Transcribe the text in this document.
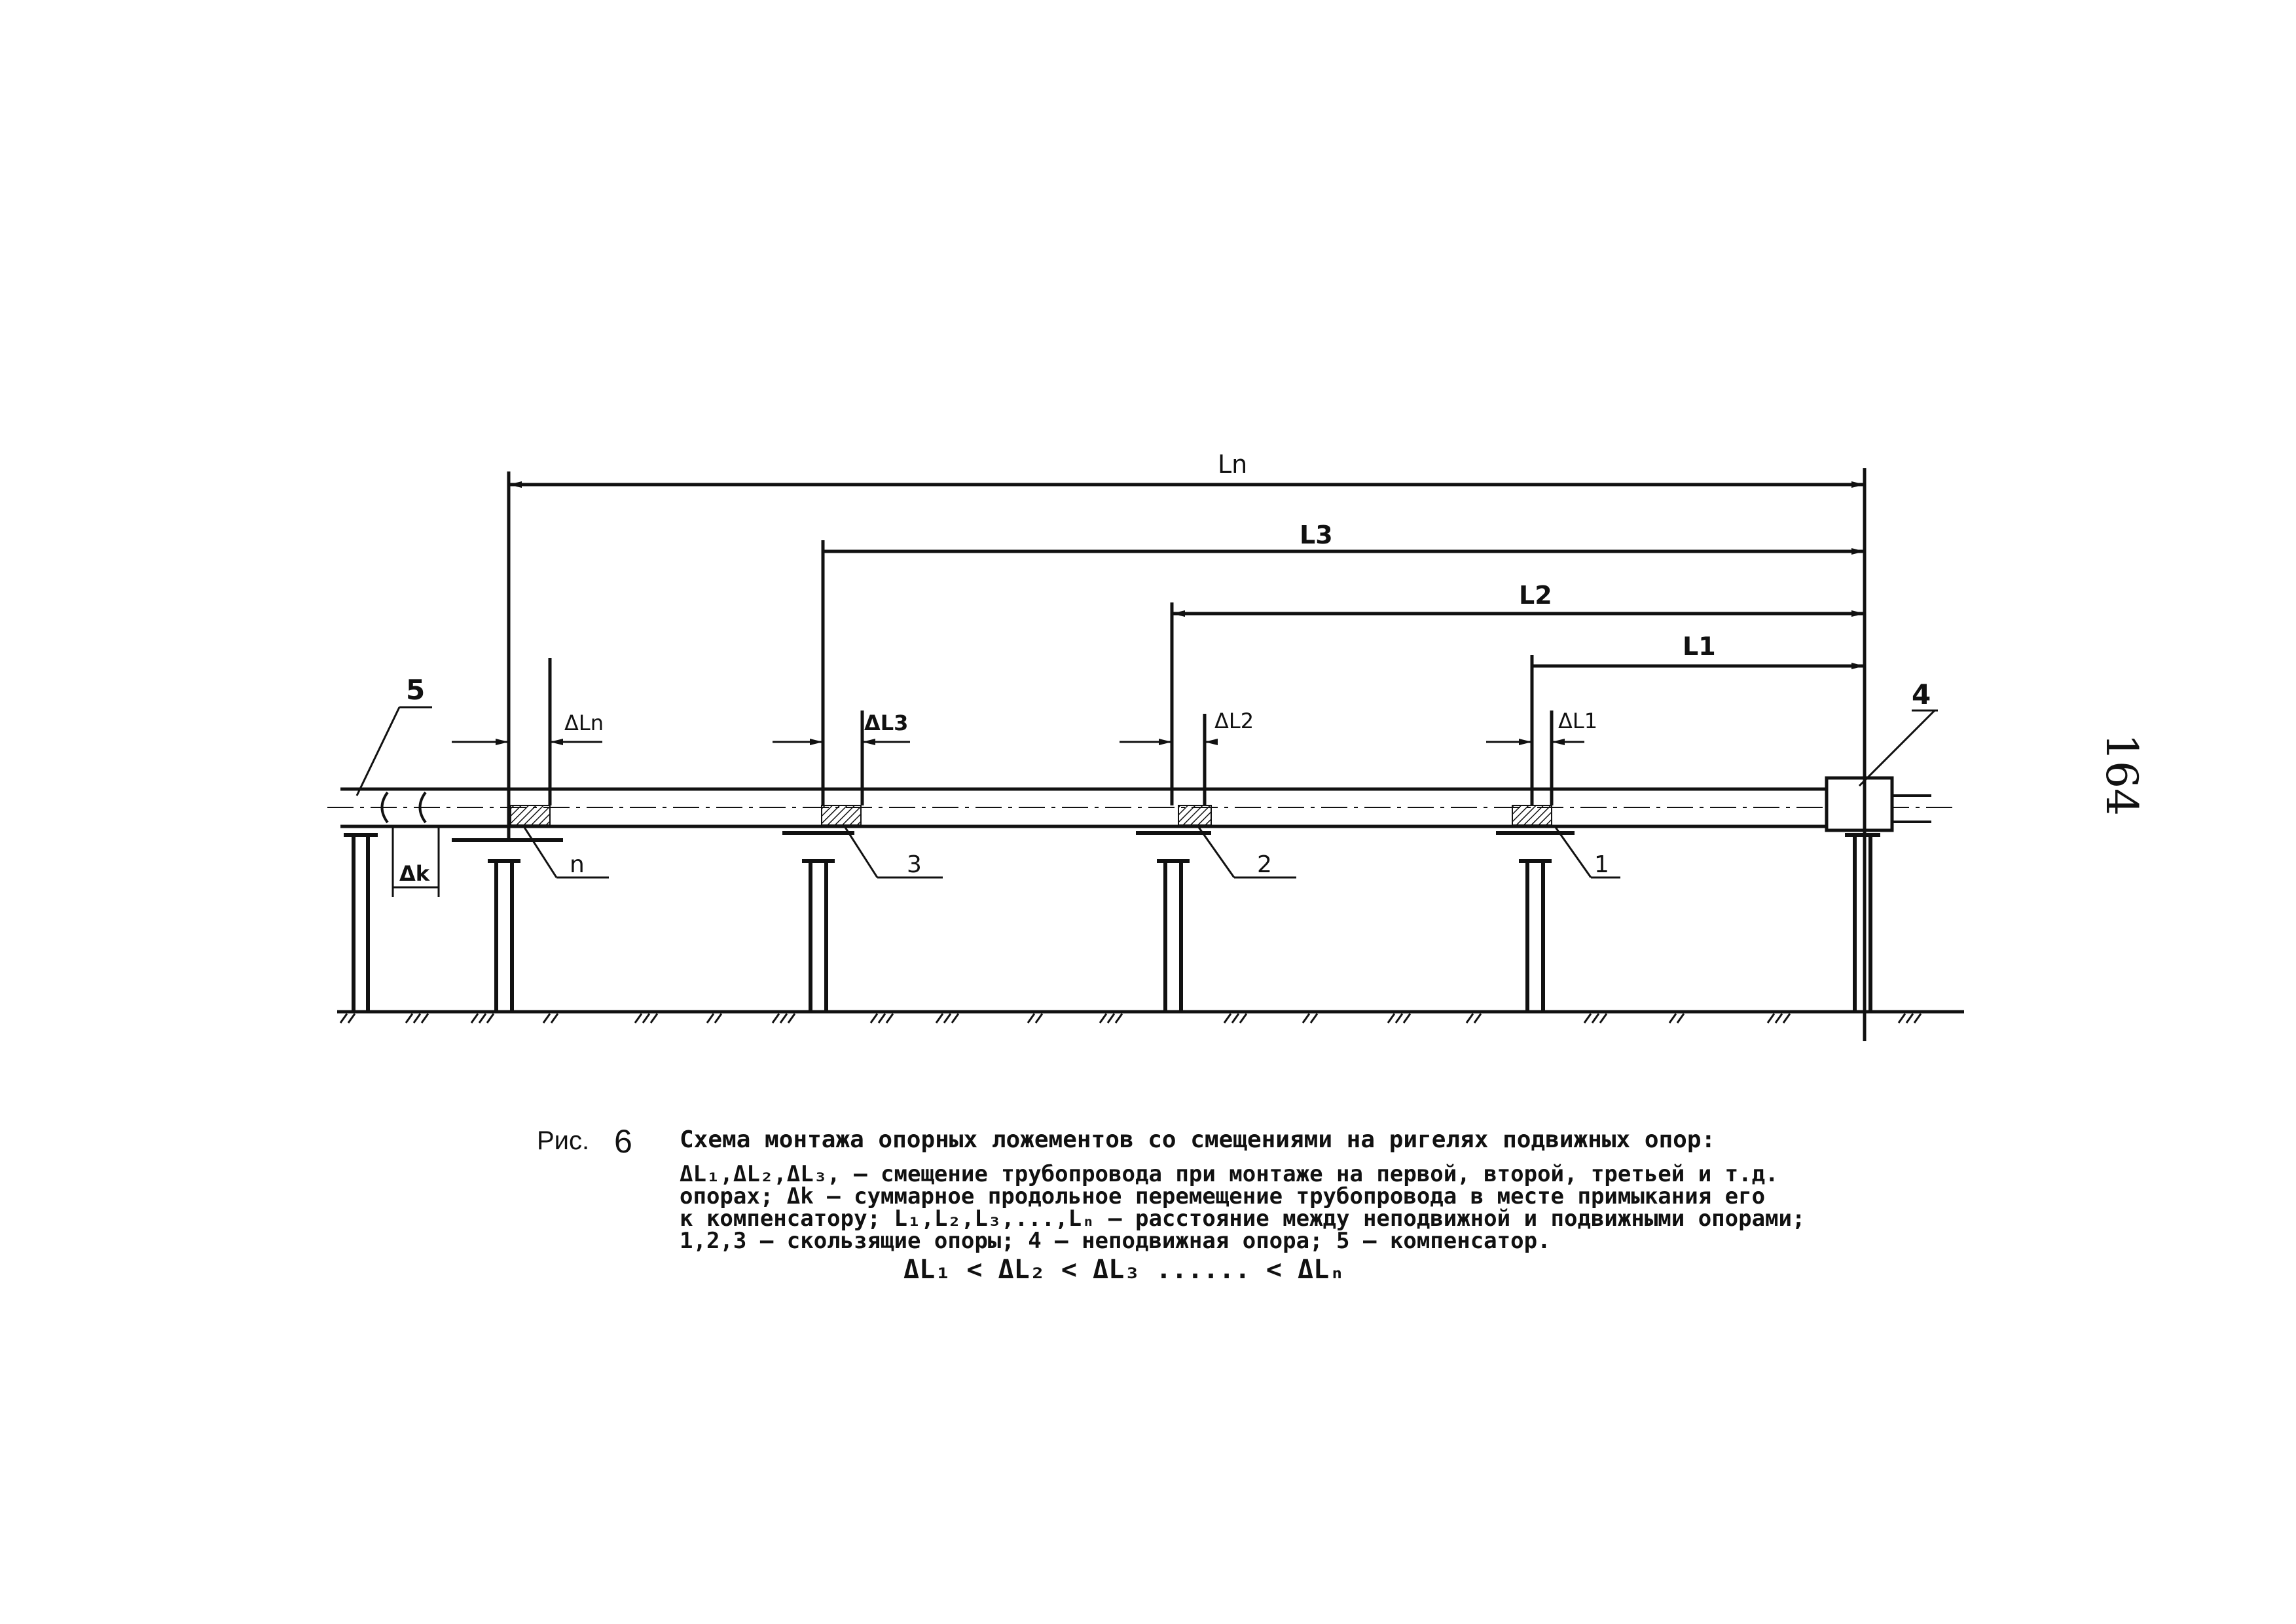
5
Δk
4
n	3	2	1
Ln
L3
L2
L1
ΔLn	ΔL3	ΔL2	ΔL1
164
Рис. 6 Схема монтажа опорных ложементов со смещениями на ригелях подвижных опор:
ΔL₁,ΔL₂,ΔL₃, – смещение трубопровода при монтаже на первой, второй, третьей и т.д.
опорах; Δk – суммарное продольное перемещение трубопровода в месте примыкания его
к компенсатору; L₁,L₂,L₃,...,Lₙ – расстояние между неподвижной и подвижными опорами;
1,2,3 — скользящие опоры; 4 — неподвижная опора; 5 — компенсатор.
ΔL₁ < ΔL₂ < ΔL₃ ...... < ΔLₙ
